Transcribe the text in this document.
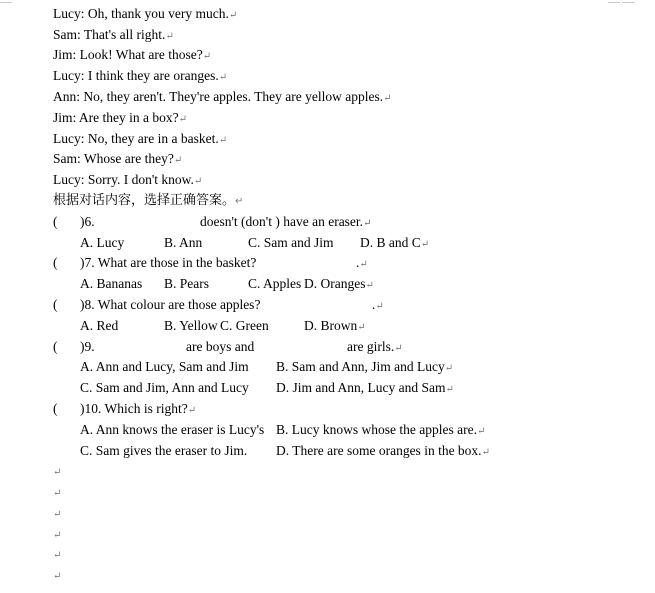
Lucy: Oh, thank you very much.↵
Sam: That's all right.↵
Jim: Look! What are those?↵
Lucy: I think they are oranges.↵
Ann: No, they aren't. They're apples. They are yellow apples.↵
Jim: Are they in a box?↵
Lucy: No, they are in a basket.↵
Sam: Whose are they?↵
Lucy: Sorry. I don't know.↵
根据对话内容，选择正确答案。↵
( )6.	doesn't (don't ) have an eraser.↵
A. Lucy	B. Ann	C. Sam and Jim D. B and C↵
( )7. What are those in the basket?	.↵
A. Bananas B. Pears	C. Apples D. Oranges↵
( )8. What colour are those apples?	.↵
A. Red	B. Yellow C. Green	D. Brown↵
( )9.	are boys and	are girls.↵
A. Ann and Lucy, Sam and Jim B. Sam and Ann, Jim and Lucy↵
C. Sam and Jim, Ann and Lucy D. Jim and Ann, Lucy and Sam↵
( )10. Which is right?↵
A. Ann knows the eraser is Lucy's B. Lucy knows whose the apples are.↵
C. Sam gives the eraser to Jim. D. There are some oranges in the box.↵
↵
↵
↵
↵
↵
↵
